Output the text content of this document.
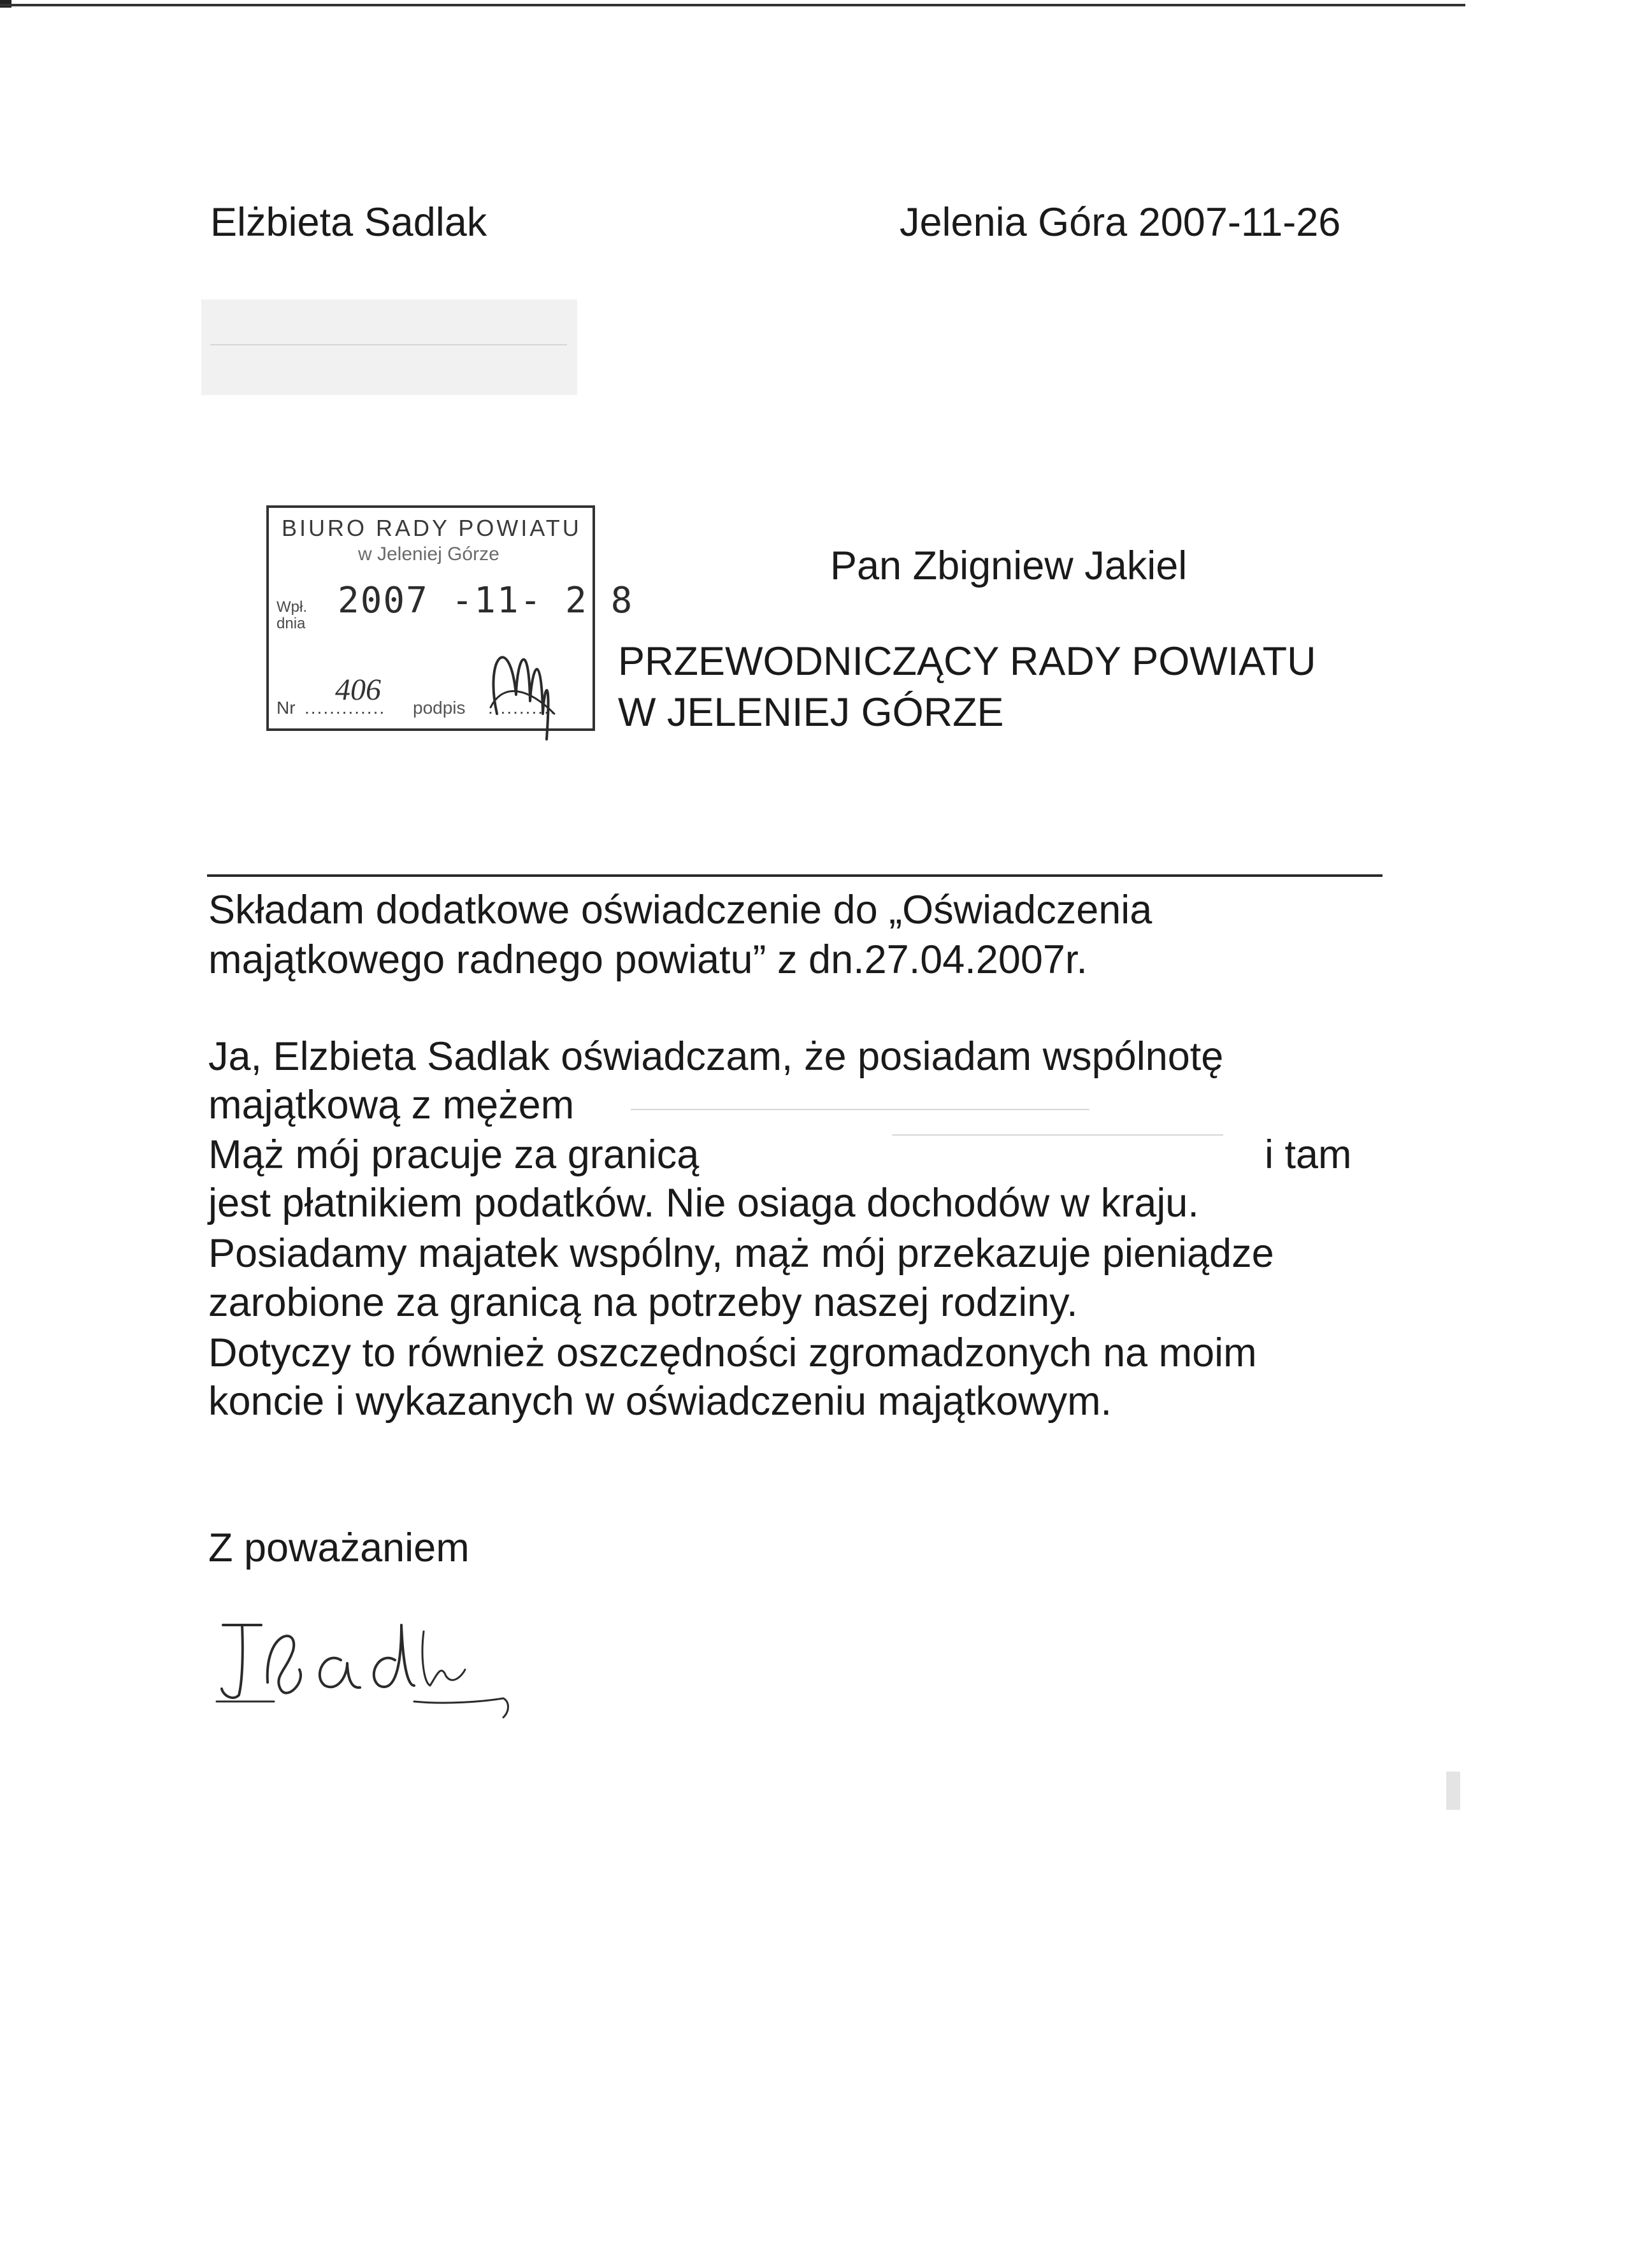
Elżbieta Sadlak	Jelenia Góra 2007-11-26
BIURO RADY POWIATU
w Jeleniej Górze
Wpł.
dnia
2007 -11- 2 8
Nr .............
406
podpis ...........
Pan Zbigniew Jakiel
PRZEWODNICZĄCY RADY POWIATU
W JELENIEJ GÓRZE
Składam dodatkowe oświadczenie do „Oświadczenia
majątkowego radnego powiatu” z dn.27.04.2007r.
Ja, Elzbieta Sadlak oświadczam, że posiadam wspólnotę
majątkową z mężem
Mąż mój pracuje za granicą	i tam
jest płatnikiem podatków. Nie osiaga dochodów w kraju.
Posiadamy majatek wspólny, mąż mój przekazuje pieniądze
zarobione za granicą na potrzeby naszej rodziny.
Dotyczy to również oszczędności zgromadzonych na moim
koncie i wykazanych w oświadczeniu majątkowym.
Z poważaniem
